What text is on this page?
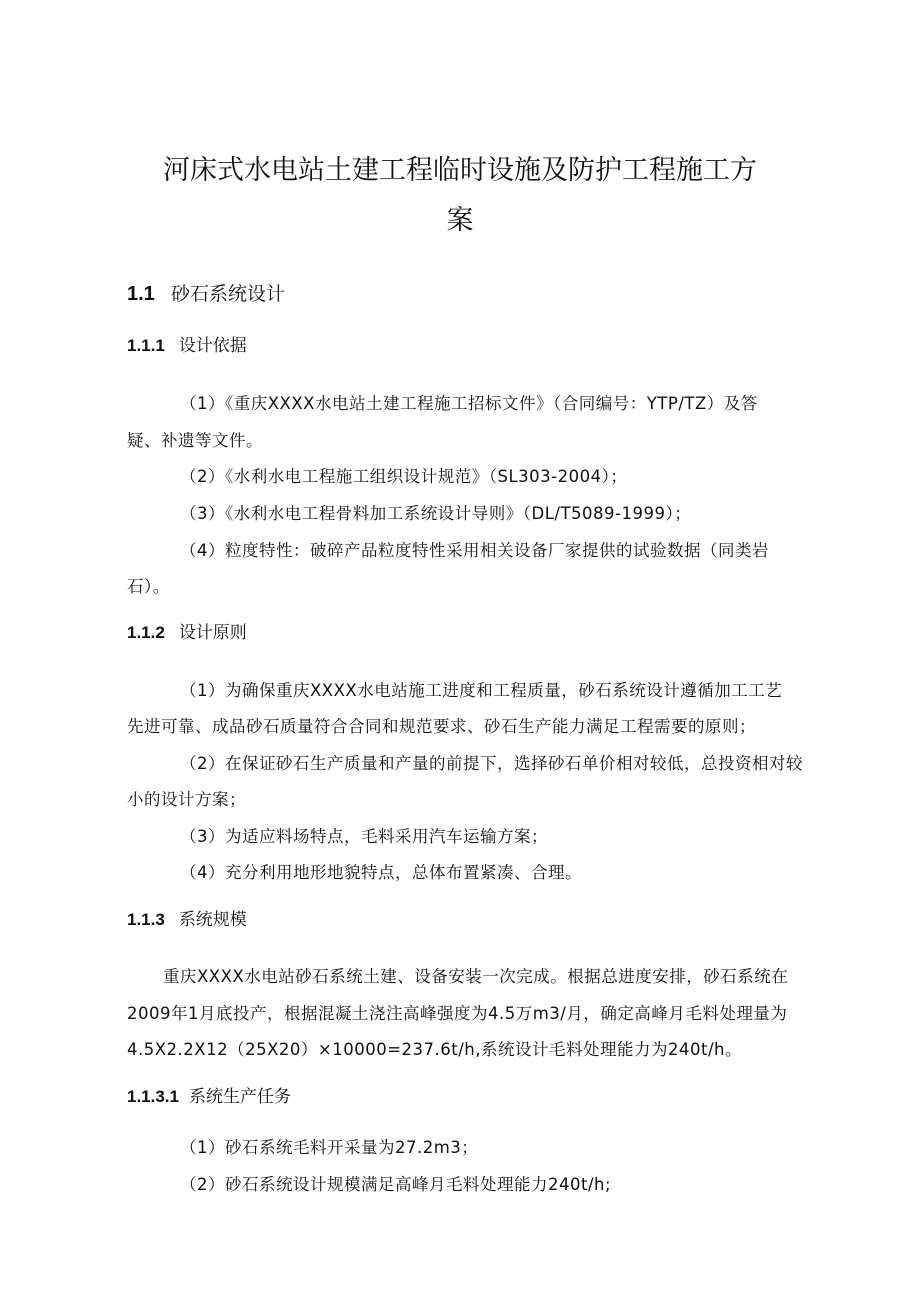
河床式水电站土建工程临时设施及防护工程施工方
案
1.1 砂石系统设计
1.1.1 设计依据
（1）《重庆XXXX水电站土建工程施工招标文件》（合同编号：YTP/TZ）及答
疑、补遗等文件。
（2）《水利水电工程施工组织设计规范》（SL303-2004）；
（3）《水利水电工程骨料加工系统设计导则》（DL/T5089-1999）；
（4）粒度特性：破碎产品粒度特性采用相关设备厂家提供的试验数据（同类岩
石）。
1.1.2 设计原则
（1）为确保重庆XXXX水电站施工进度和工程质量，砂石系统设计遵循加工工艺
先进可靠、成品砂石质量符合合同和规范要求、砂石生产能力满足工程需要的原则；
（2）在保证砂石生产质量和产量的前提下，选择砂石单价相对较低，总投资相对较
小的设计方案；
（3）为适应料场特点，毛料采用汽车运输方案；
（4）充分利用地形地貌特点，总体布置紧凑、合理。
1.1.3 系统规模
重庆XXXX水电站砂石系统土建、设备安装一次完成。根据总进度安排，砂石系统在
2009年1月底投产，根据混凝土浇注高峰强度为4.5万m3/月，确定高峰月毛料处理量为
4.5X2.2X12（25X20）×10000=237.6t/h,系统设计毛料处理能力为240t/h。
1.1.3.1 系统生产任务
（1）砂石系统毛料开采量为27.2m3；
（2）砂石系统设计规模满足高峰月毛料处理能力240t/h;
